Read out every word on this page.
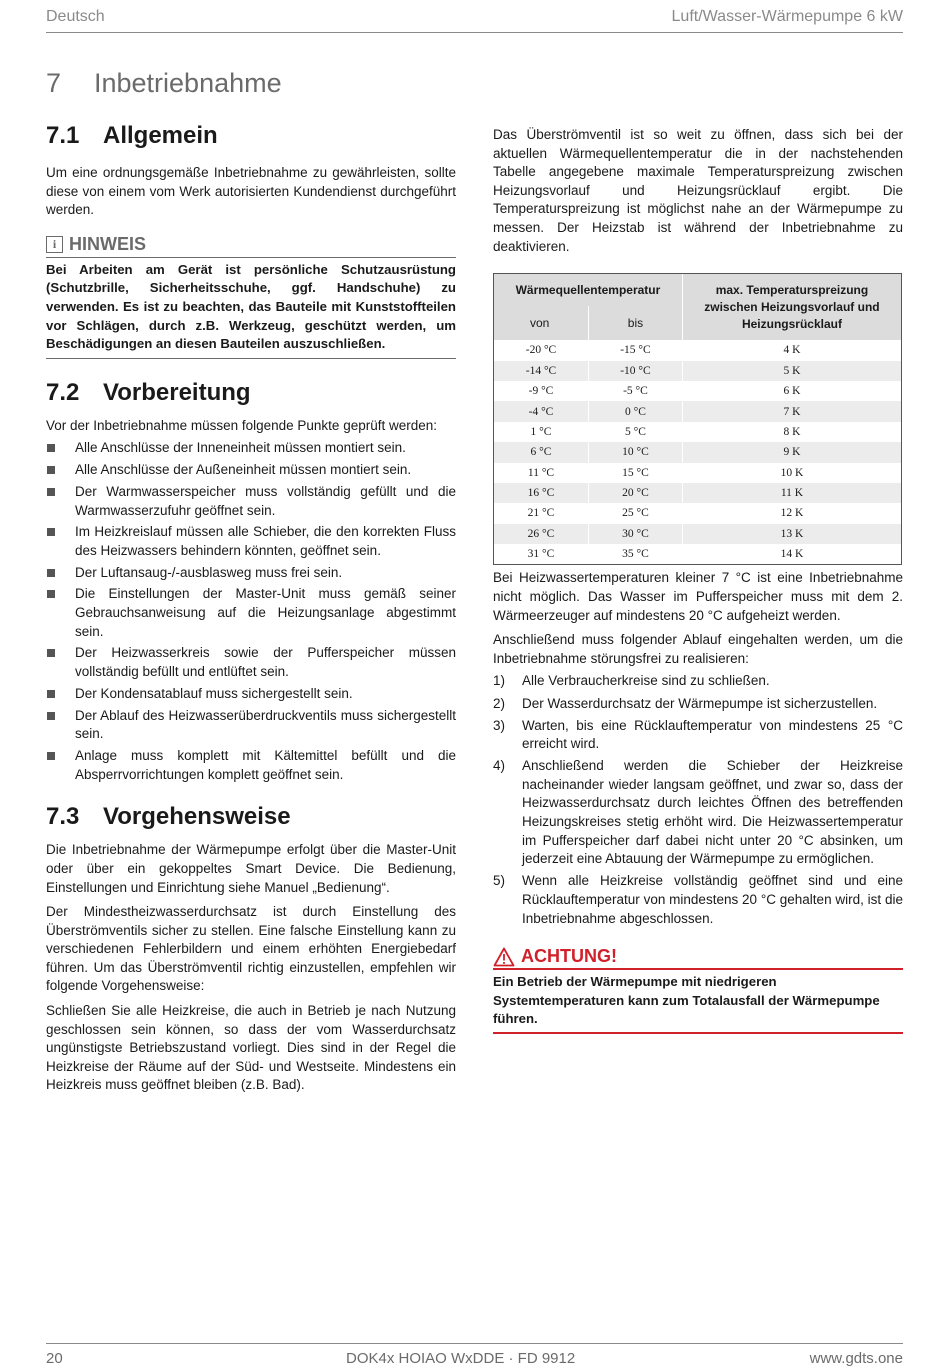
Deutsch	Luft/Wasser-Wärmepumpe 6 kW
7 Inbetriebnahme
7.1 Allgemein

Um eine ordnungsgemäße Inbetriebnahme zu gewährleisten, sollte diese von einem vom Werk autorisierten Kundendienst durchgeführt werden.

i HINWEIS
Bei Arbeiten am Gerät ist persönliche Schutzausrüstung (Schutzbrille, Sicherheitsschuhe, ggf. Handschuhe) zu verwenden. Es ist zu beachten, das Bauteile mit Kunststoffteilen vor Schlägen, durch z.B. Werkzeug, geschützt werden, um Beschädigungen an diesen Bauteilen auszuschließen.
7.2 Vorbereitung

Vor der Inbetriebnahme müssen folgende Punkte geprüft werden:

Alle Anschlüsse der Inneneinheit müssen montiert sein.
Alle Anschlüsse der Außeneinheit müssen montiert sein.
Der Warmwasserspeicher muss vollständig gefüllt und die Warmwasserzufuhr geöffnet sein.
Im Heizkreislauf müssen alle Schieber, die den korrekten Fluss des Heizwassers behindern könnten, geöffnet sein.
Der Luftansaug-/-ausblasweg muss frei sein.
Die Einstellungen der Master-Unit muss gemäß seiner Gebrauchsanweisung auf die Heizungsanlage abgestimmt sein.
Der Heizwasserkreis sowie der Pufferspeicher müssen vollständig befüllt und entlüftet sein.
Der Kondensatablauf muss sichergestellt sein.
Der Ablauf des Heizwasserüberdruckventils muss sichergestellt sein.
Anlage muss komplett mit Kältemittel befüllt und die Absperrvorrichtungen komplett geöffnet sein.
7.3 Vorgehensweise

Die Inbetriebnahme der Wärmepumpe erfolgt über die Master-Unit oder über ein gekoppeltes Smart Device. Die Bedienung, Einstellungen und Einrichtung siehe Manuel „Bedienung“.

Der Mindestheizwasserdurchsatz ist durch Einstellung des Überströmventils sicher zu stellen. Eine falsche Einstellung kann zu verschiedenen Fehlerbildern und einem erhöhten Energiebedarf führen. Um das Überströmventil richtig einzustellen, empfehlen wir folgende Vorgehensweise:

Schließen Sie alle Heizkreise, die auch in Betrieb je nach Nutzung geschlossen sein können, so dass der vom Wasserdurchsatz ungünstigste Betriebszustand vorliegt. Dies sind in der Regel die Heizkreise der Räume auf der Süd- und Westseite. Mindestens ein Heizkreis muss geöffnet bleiben (z.B. Bad).

Das Überströmventil ist so weit zu öffnen, dass sich bei der aktuellen Wärmequellentemperatur die in der nachstehenden Tabelle angegebene maximale Temperaturspreizung zwischen Heizungsvorlauf und Heizungsrücklauf ergibt. Die Temperaturspreizung ist möglichst nahe an der Wärmepumpe zu messen. Der Heizstab ist während der Inbetriebnahme zu deaktivieren.

Wärmequellentemperatur		max. Temperaturspreizung zwischen Heizungsvorlauf und Heizungsrücklauf
von	bis	
-20 °C	-15 °C	4 K
-14 °C	-10 °C	5 K
-9 °C	-5 °C	6 K
-4 °C	0 °C	7 K
1 °C	5 °C	8 K
6 °C	10 °C	9 K
11 °C	15 °C	10 K
16 °C	20 °C	11 K
21 °C	25 °C	12 K
26 °C	30 °C	13 K
31 °C	35 °C	14 K

Bei Heizwassertemperaturen kleiner 7 °C ist eine Inbetriebnahme nicht möglich. Das Wasser im Pufferspeicher muss mit dem 2. Wärmeerzeuger auf mindestens 20 °C aufgeheizt werden.

Anschließend muss folgender Ablauf eingehalten werden, um die Inbetriebnahme störungsfrei zu realisieren:

1) Alle Verbraucherkreise sind zu schließen.
2) Der Wasserdurchsatz der Wärmepumpe ist sicherzustellen.
3) Warten, bis eine Rücklauftemperatur von mindestens 25 °C erreicht wird.
4) Anschließend werden die Schieber der Heizkreise nacheinander wieder langsam geöffnet, und zwar so, dass der Heizwasserdurchsatz durch leichtes Öffnen des betreffenden Heizungskreises stetig erhöht wird. Die Heizwassertemperatur im Pufferspeicher darf dabei nicht unter 20 °C absinken, um jederzeit eine Abtauung der Wärmepumpe zu ermöglichen.
5) Wenn alle Heizkreise vollständig geöffnet sind und eine Rücklauftemperatur von mindestens 20 °C gehalten wird, ist die Inbetriebnahme abgeschlossen.
ACHTUNG!
Ein Betrieb der Wärmepumpe mit niedrigeren Systemtemperaturen kann zum Totalausfall der Wärmepumpe führen.
20	DOK4x HOIAO WxDDE · FD 9912	www.gdts.one
